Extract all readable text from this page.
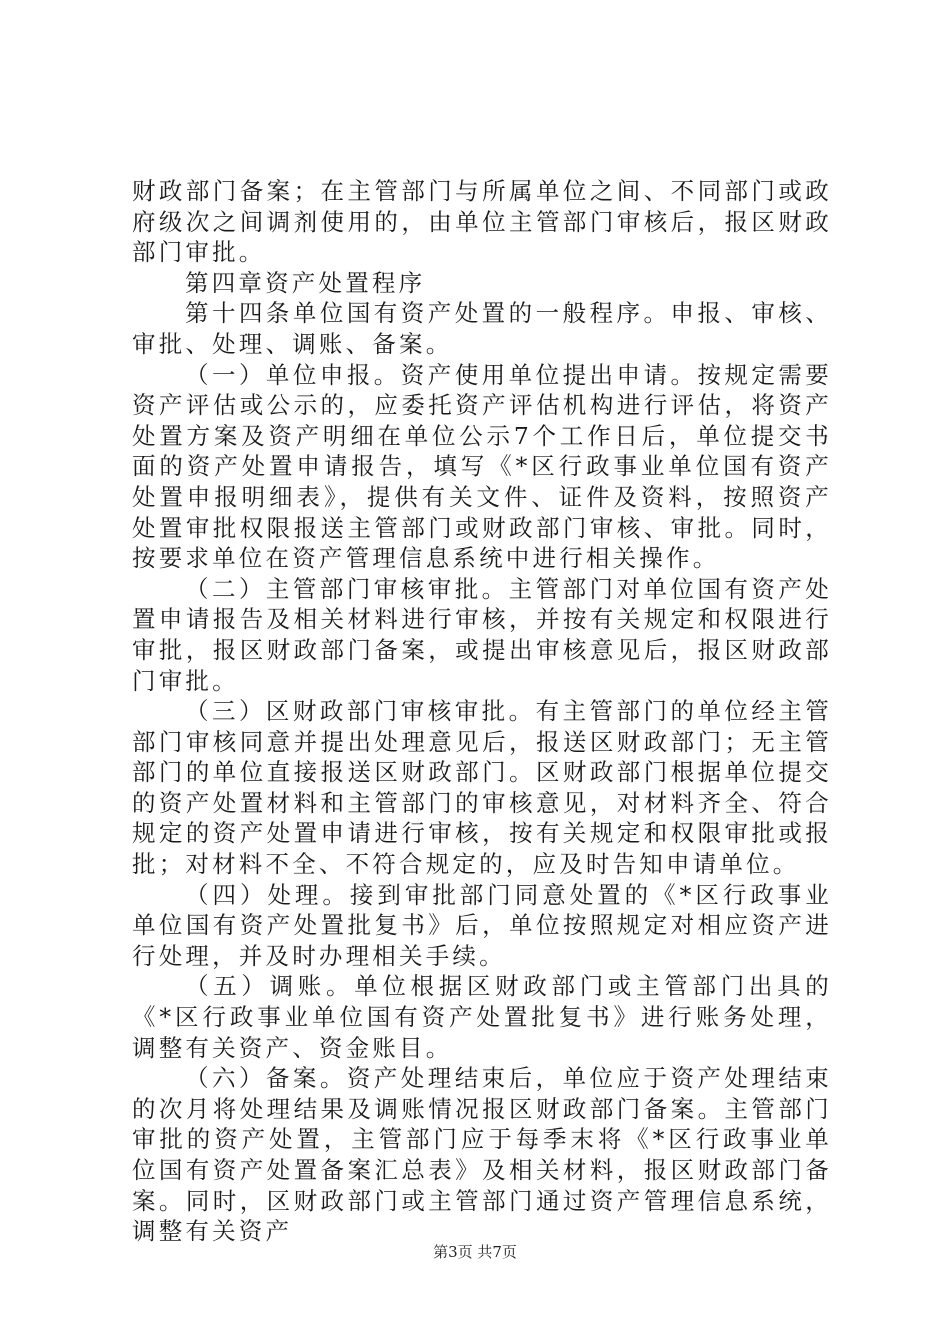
财政部门备案；在主管部门与所属单位之间、不同部门或政府级次之间调剂使用的，由单位主管部门审核后，报区财政部门审批。

第四章资产处置程序

第十四条单位国有资产处置的一般程序。申报、审核、审批、处理、调账、备案。

（一）单位申报。资产使用单位提出申请。按规定需要资产评估或公示的，应委托资产评估机构进行评估，将资产处置方案及资产明细在单位公示7个工作日后，单位提交书面的资产处置申请报告，填写《*区行政事业单位国有资产处置申报明细表》，提供有关文件、证件及资料，按照资产处置审批权限报送主管部门或财政部门审核、审批。同时，按要求单位在资产管理信息系统中进行相关操作。

（二）主管部门审核审批。主管部门对单位国有资产处置申请报告及相关材料进行审核，并按有关规定和权限进行审批，报区财政部门备案，或提出审核意见后，报区财政部门审批。

（三）区财政部门审核审批。有主管部门的单位经主管部门审核同意并提出处理意见后，报送区财政部门；无主管部门的单位直接报送区财政部门。区财政部门根据单位提交的资产处置材料和主管部门的审核意见，对材料齐全、符合规定的资产处置申请进行审核，按有关规定和权限审批或报批；对材料不全、不符合规定的，应及时告知申请单位。

（四）处理。接到审批部门同意处置的《*区行政事业单位国有资产处置批复书》后，单位按照规定对相应资产进行处理，并及时办理相关手续。

（五）调账。单位根据区财政部门或主管部门出具的《*区行政事业单位国有资产处置批复书》进行账务处理，调整有关资产、资金账目。

（六）备案。资产处理结束后，单位应于资产处理结束的次月将处理结果及调账情况报区财政部门备案。主管部门审批的资产处置，主管部门应于每季末将《*区行政事业单位国有资产处置备案汇总表》及相关材料，报区财政部门备案。同时，区财政部门或主管部门通过资产管理信息系统，调整有关资产

第3页 共7页
